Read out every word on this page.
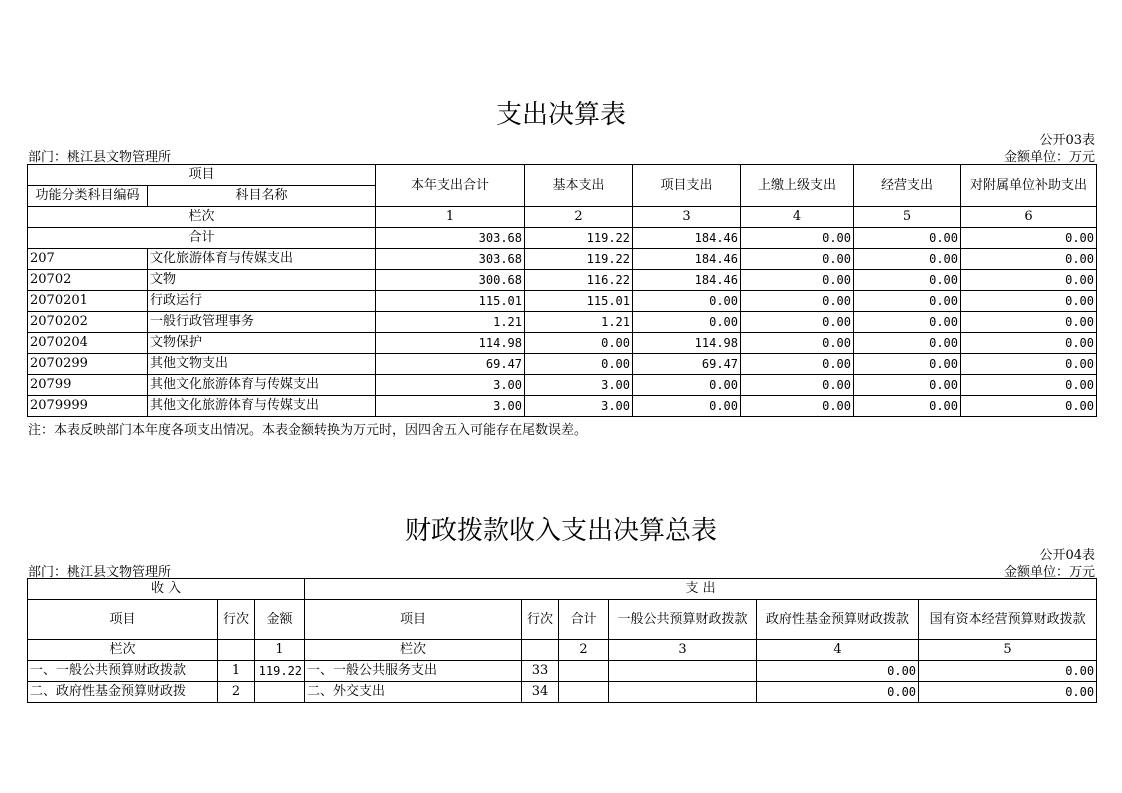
支出决算表
公开03表
部门：桃江县文物管理所	金额单位：万元
项目		本年支出合计	基本支出	项目支出	上缴上级支出	经营支出	对附属单位补助支出
功能分类科目编码	科目名称						
栏次		1	2	3	4	5	6
合计		303.68	119.22	184.46	0.00	0.00	0.00
207	文化旅游体育与传媒支出	303.68	119.22	184.46	0.00	0.00	0.00
20702	文物	300.68	116.22	184.46	0.00	0.00	0.00
2070201	行政运行	115.01	115.01	0.00	0.00	0.00	0.00
2070202	一般行政管理事务	1.21	1.21	0.00	0.00	0.00	0.00
2070204	文物保护	114.98	0.00	114.98	0.00	0.00	0.00
2070299	其他文物支出	69.47	0.00	69.47	0.00	0.00	0.00
20799	其他文化旅游体育与传媒支出	3.00	3.00	0.00	0.00	0.00	0.00
2079999	其他文化旅游体育与传媒支出	3.00	3.00	0.00	0.00	0.00	0.00
注：本表反映部门本年度各项支出情况。本表金额转换为万元时，因四舍五入可能存在尾数误差。
财政拨款收入支出决算总表
公开04表
部门：桃江县文物管理所	金额单位：万元
收 入			支 出					
项目	行次	金额	项目	行次	合计	一般公共预算财政拨款	政府性基金预算财政拨款	国有资本经营预算财政拨款
栏次		1	栏次		2	3	4	5
一、一般公共预算财政拨款	1	119.22	一、一般公共服务支出	33			0.00	0.00
二、政府性基金预算财政拨	2		二、外交支出	34			0.00	0.00
